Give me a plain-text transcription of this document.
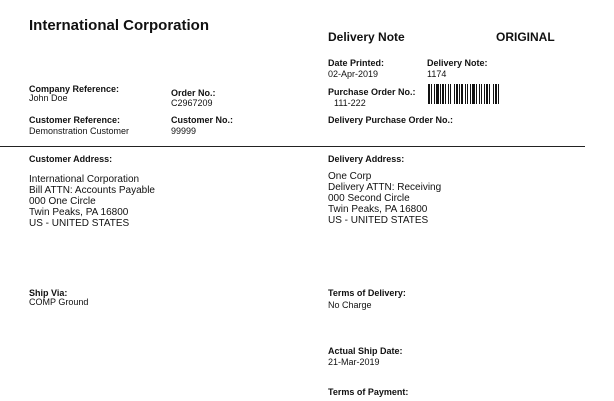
International Corporation
Delivery Note	ORIGINAL
Date Printed:
02-Apr-2019
Delivery Note:
1174
Purchase Order No.:
111-222
Company Reference:
John Doe	Order No.:
C2967209
Customer Reference:
Demonstration Customer
Customer No.:
99999
Delivery Purchase Order No.:
Customer Address:
International Corporation
Bill ATTN: Accounts Payable
000 One Circle
Twin Peaks, PA 16800
US - UNITED STATES
Delivery Address:
One Corp
Delivery ATTN: Receiving
000 Second Circle
Twin Peaks, PA 16800
US - UNITED STATES
Ship Via:
COMP Ground
Terms of Delivery:
No Charge
Actual Ship Date:
21-Mar-2019
Terms of Payment:
